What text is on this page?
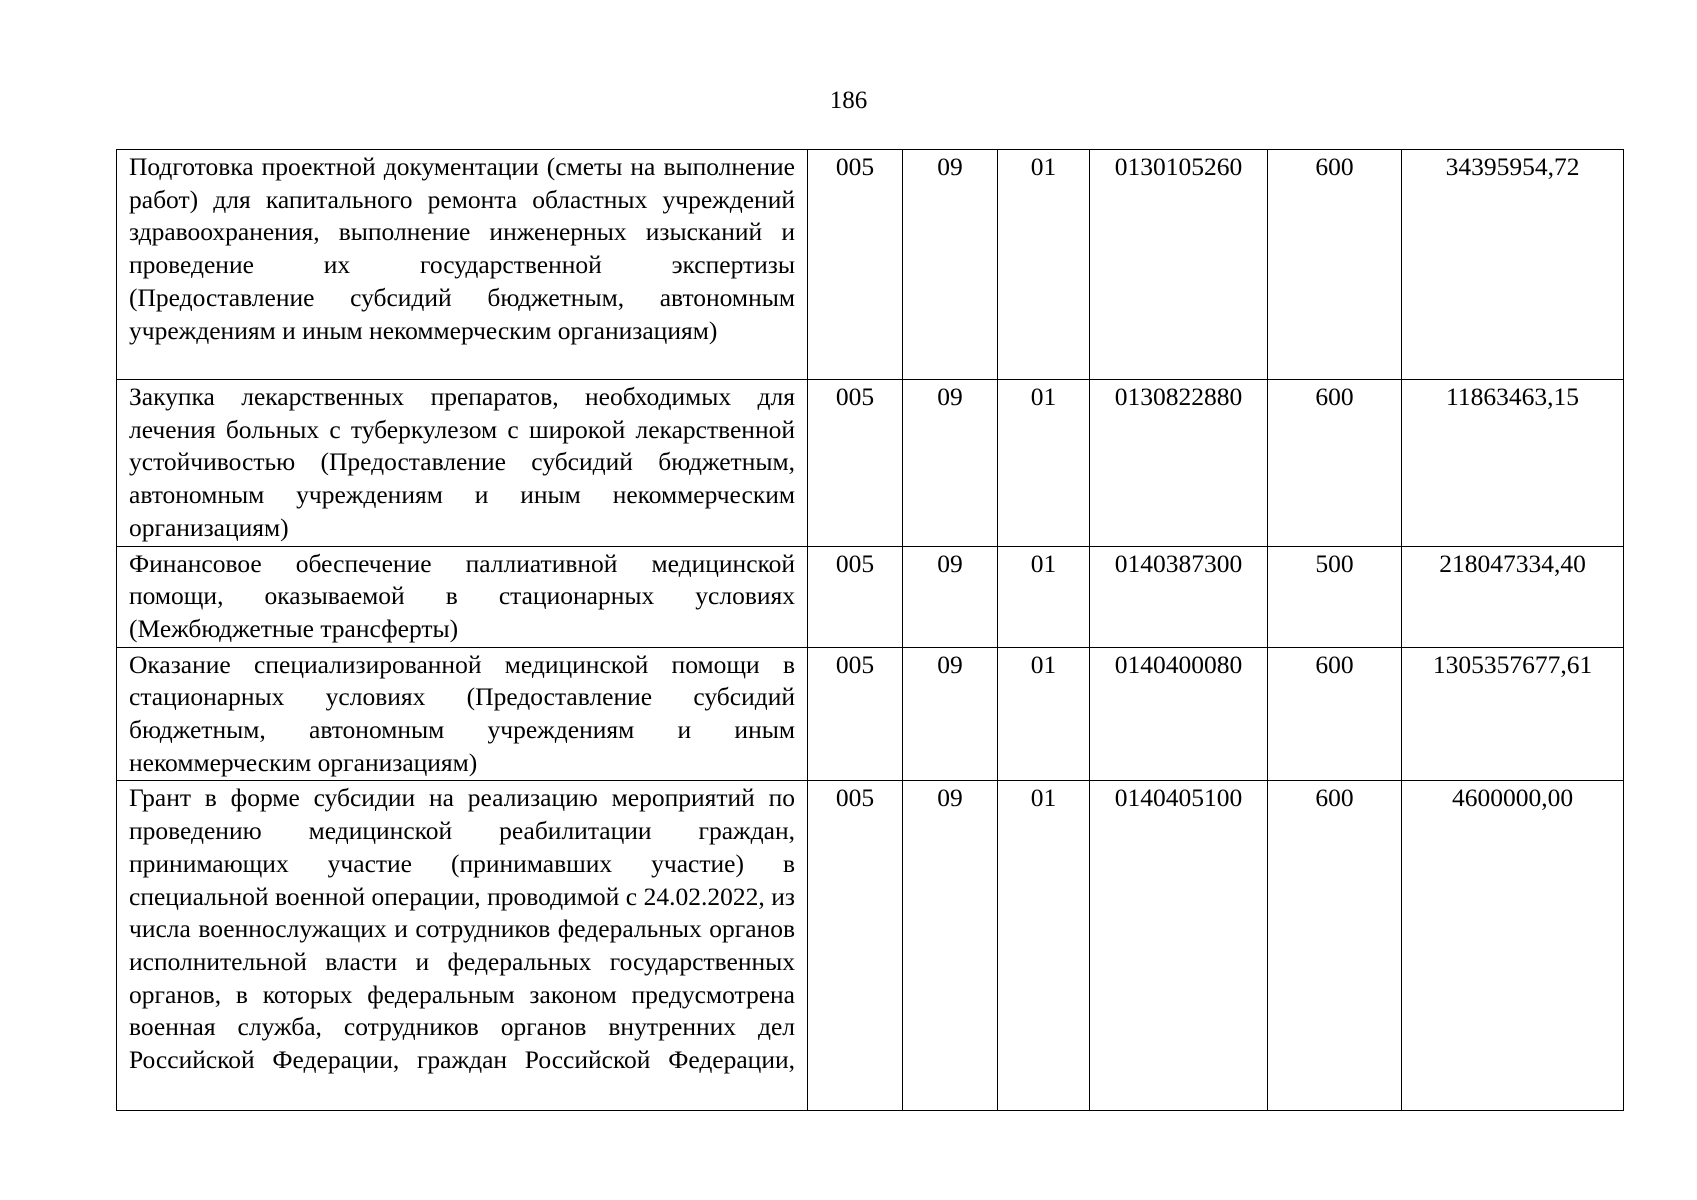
186
Подготовка проектной документации (сметы на выполнение работ) для капитального ремонта областных учреждений здравоохранения, выполнение инженерных изысканий и проведение их государственной экспертизы (Предоставление субсидий бюджетным, автономным учреждениям и иным некоммерческим организациям)	005	09	01	0130105260	600	34395954,72
Закупка лекарственных препаратов, необходимых для лечения больных с туберкулезом с широкой лекарственной устойчивостью (Предоставление субсидий бюджетным, автономным учреждениям и иным некоммерческим организациям)	005	09	01	0130822880	600	11863463,15
Финансовое обеспечение паллиативной медицинской помощи, оказываемой в стационарных условиях (Межбюджетные трансферты)	005	09	01	0140387300	500	218047334,40
Оказание специализированной медицинской помощи в стационарных условиях (Предоставление субсидий бюджетным, автономным учреждениям и иным некоммерческим организациям)	005	09	01	0140400080	600	1305357677,61
Грант в форме субсидии на реализацию мероприятий по проведению медицинской реабилитации граждан, принимающих участие (принимавших участие) в специальной военной операции, проводимой с 24.02.2022, из числа военнослужащих и сотрудников федеральных органов исполнительной власти и федеральных государственных органов, в которых федеральным законом предусмотрена военная служба, сотрудников органов внутренних дел Российской Федерации, граждан Российской Федерации,	005	09	01	0140405100	600	4600000,00
